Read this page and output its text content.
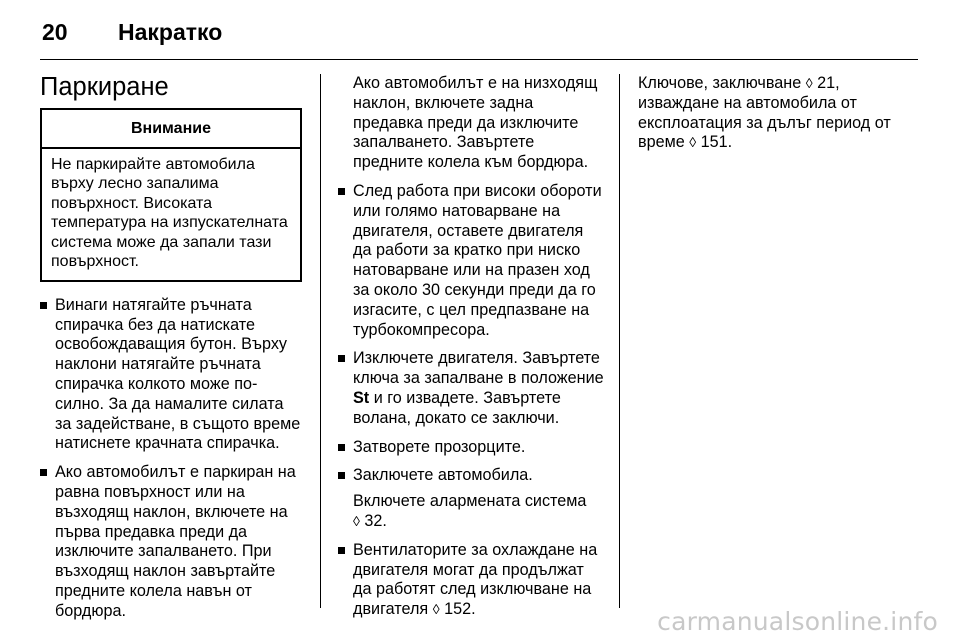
20	Накратко
Паркиране
Внимание
Не паркирайте автомобила върху лесно запалима повърхност. Високата температура на изпускателната система може да запали тази повърхност.
Винаги натягайте ръчната спирачка без да натискате освобождаващия бутон. Върху наклони натягайте ръчната спирачка колкото може по-силно. За да намалите силата за задействане, в същото време натиснете крачната спирачка.
Ако автомобилът е паркиран на равна повърхност или на възходящ наклон, включете на първа предавка преди да изключите запалването. При възходящ наклон завъртайте предните колела навън от бордюра.

Ако автомобилът е на низходящ наклон, включете задна предавка преди да изключите запалването. Завъртете предните колела към бордюра.

След работа при високи обороти или голямо натоварване на двигателя, оставете двигателя да работи за кратко при ниско натоварване или на празен ход за около 30 секунди преди да го изгасите, с цел предпазване на турбокомпресора.
Изключете двигателя. Завъртете ключа за запалване в положение St и го извадете. Завъртете волана, докато се заключи.
Затворете прозорците.
Заключете автомобила.
Включете алармената система
◊ 32.
Вентилаторите за охлаждане на двигателя могат да продължат да работят след изключване на двигателя ◊ 152.

Ключове, заключване ◊ 21,
изваждане на автомобила от експлоатация за дълъг период от време ◊ 151.

carmanualsonline.info
